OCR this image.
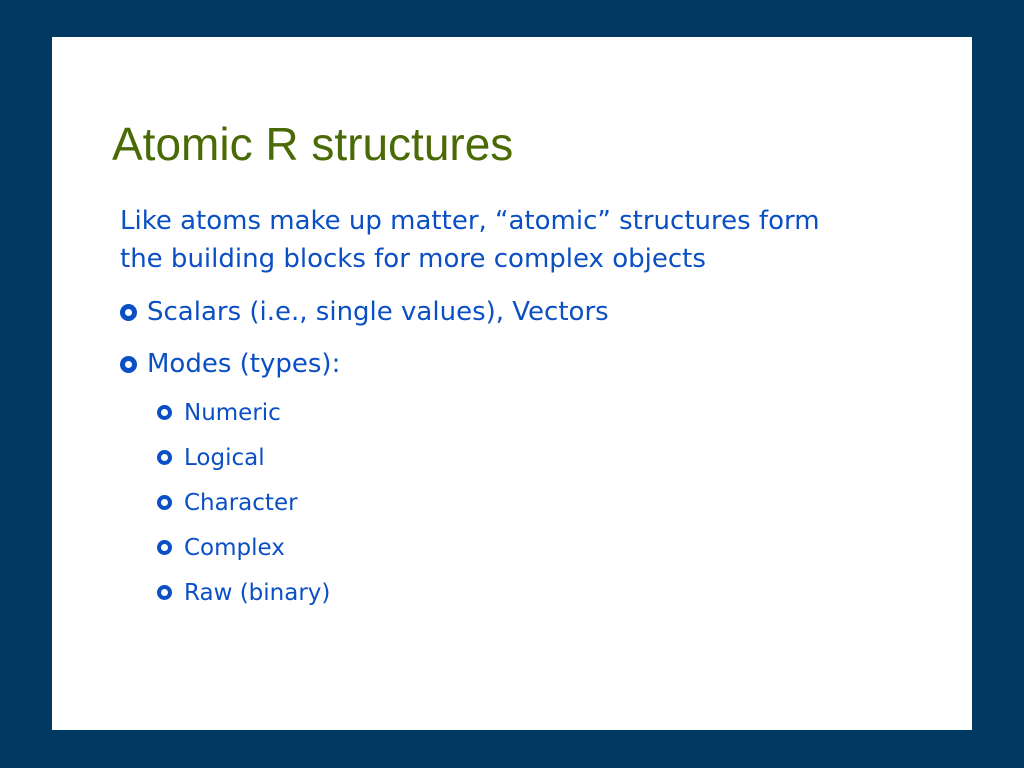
Atomic R structures

Like atoms make up matter, “atomic” structures form the building blocks for more complex objects

Scalars (i.e., single values), Vectors
Modes (types):
Numeric
Logical
Character
Complex
Raw (binary)
